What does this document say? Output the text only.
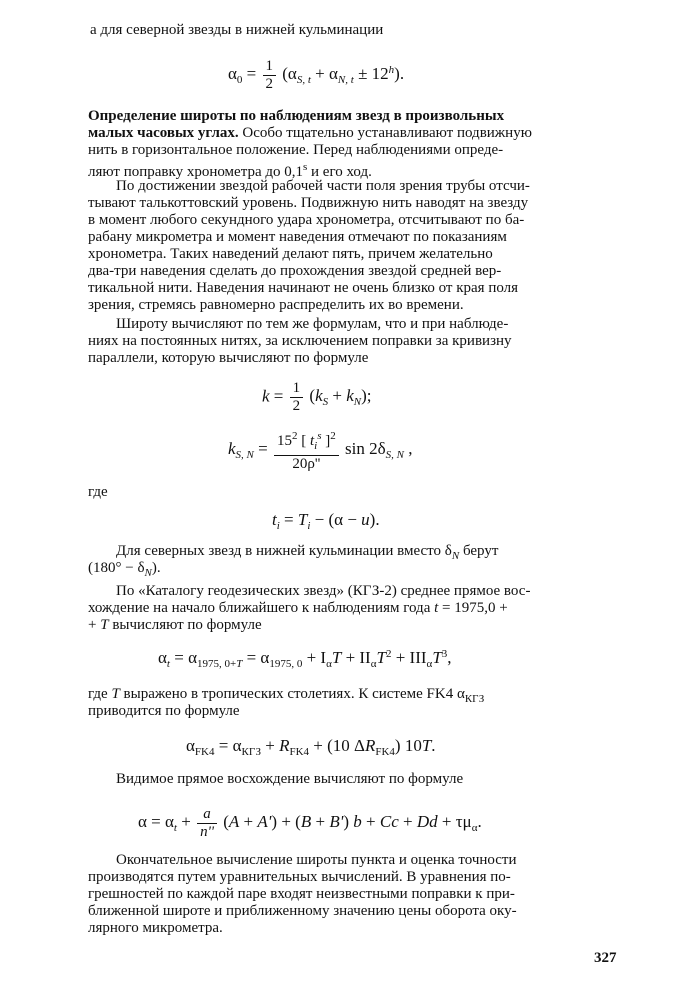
а для северной звезды в нижней кульминации
$\alpha_0 = \frac{1}{2} (\alpha_{S, t} + \alpha_{N, t} \pm 12^h)$.
Определение широты по наблюдениям звезд в произвольных
малых часовых углах. Особо тщательно устанавливают подвижную
нить в горизонтальное положение. Перед наблюдениями опреде-
ляют поправку хронометра до 0,1$^s$ и его ход.
По достижении звездой рабочей части поля зрения трубы отсчи-
тывают талькоттовский уровень. Подвижную нить наводят на звезду
в момент любого секундного удара хронометра, отсчитывают по ба-
рабану микрометра и момент наведения отмечают по показаниям
хронометра. Таких наведений делают пять, причем желательно
два-три наведения сделать до прохождения звездой средней вер-
тикальной нити. Наведения начинают не очень близко от края поля
зрения, стремясь равномерно распределить их во времени.
Широту вычисляют по тем же формулам, что и при наблюде-
ниях на постоянных нитях, за исключением поправки за кривизну
параллели, которую вычисляют по формуле
$k = \frac{1}{2} (k_S + k_N)$;
$k_{S, N} = \frac{15^2 [ t_i^s ]^2}{20\rho''}$ $\sin 2\delta_{S, N}$ ,
где
$t_i = T_i - (\alpha - u)$.
Для северных звезд в нижней кульминации вместо $\delta_N$ берут
$(180^\circ - \delta_N)$.
По «Каталогу геодезических звезд» (КГЗ-2) среднее прямое вос-
хождение на начало ближайшего к наблюдениям года t = 1975,0 +
+ T вычисляют по формуле
$\alpha_t = \alpha_{1975, 0+T} = \alpha_{1975, 0} + I_\alpha T + II_\alpha T^2 + III_\alpha T^3$,
где T выражено в тропических столетиях. К системе FK4 $\alpha_{КГЗ}$
приводится по формуле
$\alpha_{FK4} = \alpha_{КГЗ} + R_{FK4} + (10$ $\Delta R_{FK4}$) 10T.
Видимое прямое восхождение вычисляют по формуле
$\alpha = \alpha_t + \frac{a}{n''} (A + A') + (B + B') b + Cc + Dd + \tau\mu_\alpha$.
Окончательное вычисление широты пункта и оценка точности
производятся путем уравнительных вычислений. В уравнения по-
грешностей по каждой паре входят неизвестными поправки к при-
ближенной широте и приближенному значению цены оборота оку-
лярного микрометра.
327
